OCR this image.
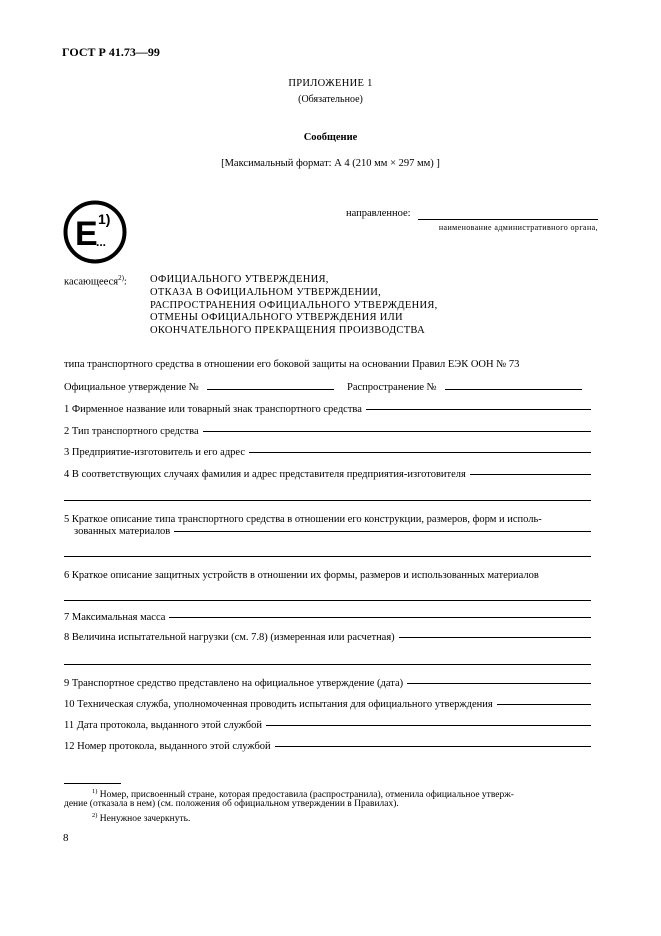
ГОСТ Р 41.73—99
ПРИЛОЖЕНИЕ 1
(Обязательное)
Сообщение
[Максимальный формат: А 4 (210 мм × 297 мм) ]
E 1)
...
направленное:
наименование административного органа,
касающееся$^{2)}$: ОФИЦИАЛЬНОГО УТВЕРЖДЕНИЯ,
ОТКАЗА В ОФИЦИАЛЬНОМ УТВЕРЖДЕНИИ,
РАСПРОСТРАНЕНИЯ ОФИЦИАЛЬНОГО УТВЕРЖДЕНИЯ,
ОТМЕНЫ ОФИЦИАЛЬНОГО УТВЕРЖДЕНИЯ ИЛИ
ОКОНЧАТЕЛЬНОГО ПРЕКРАЩЕНИЯ ПРОИЗВОДСТВА
типа транспортного средства в отношении его боковой защиты на основании Правил ЕЭК ООН № 73
Официальное утверждение №	Распространение №
1 Фирменное название или товарный знак транспортного средства
2 Тип транспортного средства
3 Предприятие-изготовитель и его адрес
4 В соответствующих случаях фамилия и адрес представителя предприятия-изготовителя
5 Краткое описание типа транспортного средства в отношении его конструкции, размеров, форм и исполь-
зованных материалов
6 Краткое описание защитных устройств в отношении их формы, размеров и использованных материалов
7 Максимальная масса
8 Величина испытательной нагрузки (см. 7.8) (измеренная или расчетная)
9 Транспортное средство представлено на официальное утверждение (дата)
10 Техническая служба, уполномоченная проводить испытания для официального утверждения
11 Дата протокола, выданного этой службой
12 Номер протокола, выданного этой службой
$^{1)}$ Номер, присвоенный стране, которая предоставила (распространила), отменила официальное утверж-
дение (отказала в нем) (см. положения об официальном утверждении в Правилах).
$^{2)}$ Ненужное зачеркнуть.
8
